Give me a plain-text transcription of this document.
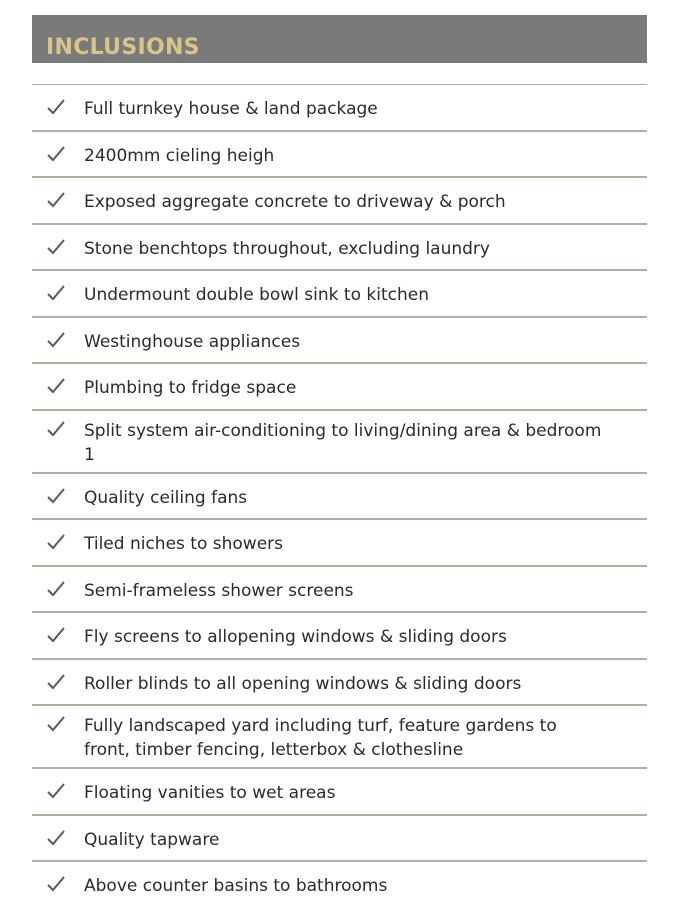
INCLUSIONS
Full turnkey house & land package
2400mm cieling heigh
Exposed aggregate concrete to driveway & porch
Stone benchtops throughout, excluding laundry
Undermount double bowl sink to kitchen
Westinghouse appliances
Plumbing to fridge space
Split system air-conditioning to living/dining area & bedroom 1
Quality ceiling fans
Tiled niches to showers
Semi-frameless shower screens
Fly screens to allopening windows & sliding doors
Roller blinds to all opening windows & sliding doors
Fully landscaped yard including turf, feature gardens to front, timber fencing, letterbox & clothesline
Floating vanities to wet areas
Quality tapware
Above counter basins to bathrooms
